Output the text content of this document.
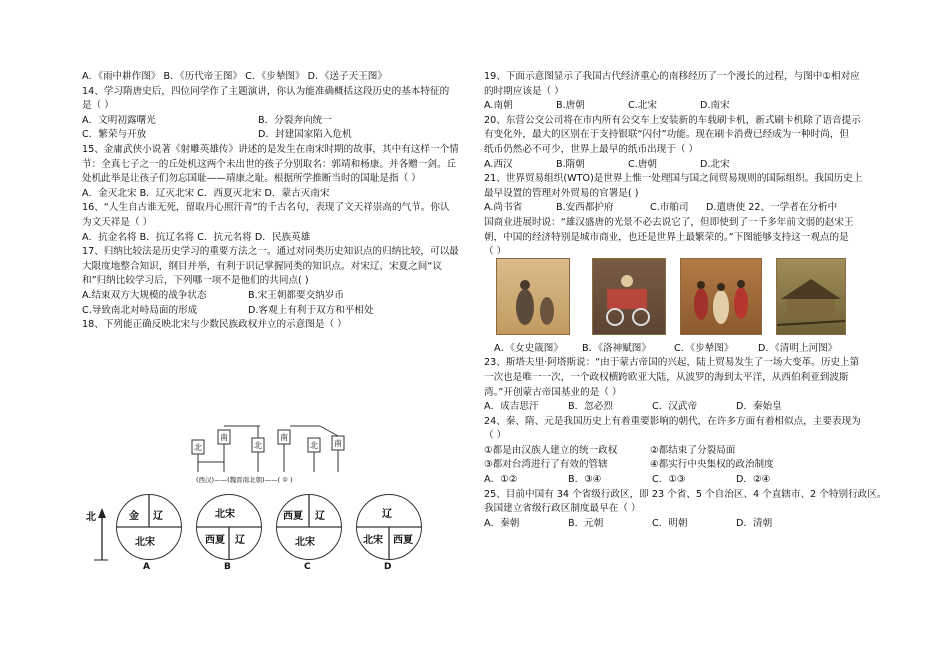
A．《雨中耕作图》 B．《历代帝王图》 C．《步辇图》 D．《送子天王图》
14、学习隋唐史后，四位同学作了主题演讲，你认为能准确概括这段历史的基本特征的
是（ ）
A．文明初露曙光	B．分裂奔向统一
C．繁荣与开放	D．封建国家陷入危机
15、金庸武侠小说著《射雕英雄传》讲述的是发生在南宋时期的故事，其中有这样一个情
节：全真七子之一的丘处机这两个未出世的孩子分别取名：郭靖和杨康。并各赠一剑。丘
处机此举是让孩子们勿忘国耻——靖康之耻。根据所学推断当时的国耻是指（ ）
A．金灭北宋 B．辽灭北宋 C．西夏灭北宋 D．蒙古灭南宋
16、“人生自古谁无死，留取丹心照汗青”的千古名句，表现了文天祥崇高的气节。你认
为文天祥是（ ）
A．抗金名将 B．抗辽名将 C．抗元名将 D．民族英雄
17、归纳比较法是历史学习的重要方法之一。通过对同类历史知识点的归纳比较，可以最
大限度地整合知识，纲目并举，有利于识记掌握同类的知识点。对宋辽、宋夏之间“议
和”归纳比较学习后，下列哪一项不是他们的共同点( )
A.结束双方大规模的战争状态	B.宋王朝都要交纳岁币
C.导致南北对峙局面的形成	D.客观上有利于双方和平相处
18、下列能正确反映北宋与少数民族政权并立的示意图是（ ）
北
南
北
南
北 南
(西汉)——(魏晋南北朝)——( ① )
北	金 辽
北宋
A
北宋
西夏 辽
B
西夏 辽
北宋
C
辽
北宋 西夏
D
19、下面示意图显示了我国古代经济重心的南移经历了一个漫长的过程，与图中①相对应
的时期应该是（ ）
A.南朝	B.唐朝	C.北宋	D.南宋
20、东营公交公司将在市内所有公交车上安装新的车载刷卡机，新式刷卡机除了语音提示
有变化外，最大的区别在于支持银联“闪付”功能。现在刷卡消费已经成为一种时尚，但
纸币仍然必不可少，世界上最早的纸币出现于（ ）
A.西汉	B.隋朝	C.唐朝	D.北宋
21、世界贸易组织(WTO)是世界上惟一处理国与国之间贸易规则的国际组织。我国历史上
最早设置的管理对外贸易的官署是( )
A.尚书省	B.安西都护府	C.市舶司	D.遣唐使 22、一学者在分析中
国商业进展时说：“雄汉盛唐的光景不必去说它了，但即使到了一千多年前文弱的赵宋王
朝，中国的经济特别是城市商业，也还是世界上最繁荣的。”下图能够支持这一观点的是
（ ）
A．《女史箴图》	B．《洛神赋图》	C．《步辇图》	D．《清明上河图》
23、斯塔夫里·阿塔斯说：“由于蒙古帝国的兴起，陆上贸易发生了一场大变革。历史上第
一次也是唯一一次，一个政权横跨欧亚大陆，从波罗的海到太平洋，从西伯利亚到波斯
湾。”开创蒙古帝国基业的是（ ）
A．成吉思汗	B．忽必烈	C．汉武帝	D．秦始皇
24、秦、隋、元是我国历史上有着重要影响的朝代，在许多方面有着相似点，主要表现为
（ ）
①都是由汉族人建立的统一政权	②都结束了分裂局面
③都对台湾进行了有效的管辖	④都实行中央集权的政治制度
A．①②	B．③④	C．①③	D．②④
25、目前中国有 34 个省级行政区，即 23 个省、5 个自治区、4 个直辖市、2 个特别行政区。
我国建立省级行政区制度最早在（ ）
A．秦朝	B．元朝	C．明朝	D．清朝
